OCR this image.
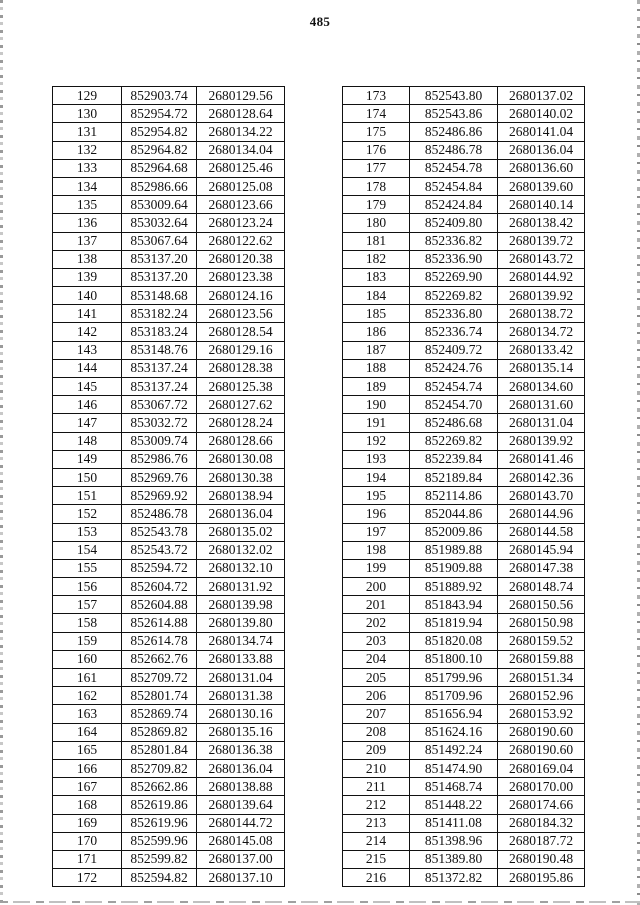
485
129	852903.74	2680129.56
130	852954.72	2680128.64
131	852954.82	2680134.22
132	852964.82	2680134.04
133	852964.68	2680125.46
134	852986.66	2680125.08
135	853009.64	2680123.66
136	853032.64	2680123.24
137	853067.64	2680122.62
138	853137.20	2680120.38
139	853137.20	2680123.38
140	853148.68	2680124.16
141	853182.24	2680123.56
142	853183.24	2680128.54
143	853148.76	2680129.16
144	853137.24	2680128.38
145	853137.24	2680125.38
146	853067.72	2680127.62
147	853032.72	2680128.24
148	853009.74	2680128.66
149	852986.76	2680130.08
150	852969.76	2680130.38
151	852969.92	2680138.94
152	852486.78	2680136.04
153	852543.78	2680135.02
154	852543.72	2680132.02
155	852594.72	2680132.10
156	852604.72	2680131.92
157	852604.88	2680139.98
158	852614.88	2680139.80
159	852614.78	2680134.74
160	852662.76	2680133.88
161	852709.72	2680131.04
162	852801.74	2680131.38
163	852869.74	2680130.16
164	852869.82	2680135.16
165	852801.84	2680136.38
166	852709.82	2680136.04
167	852662.86	2680138.88
168	852619.86	2680139.64
169	852619.96	2680144.72
170	852599.96	2680145.08
171	852599.82	2680137.00
172	852594.82	2680137.10
173	852543.80	2680137.02
174	852543.86	2680140.02
175	852486.86	2680141.04
176	852486.78	2680136.04
177	852454.78	2680136.60
178	852454.84	2680139.60
179	852424.84	2680140.14
180	852409.80	2680138.42
181	852336.82	2680139.72
182	852336.90	2680143.72
183	852269.90	2680144.92
184	852269.82	2680139.92
185	852336.80	2680138.72
186	852336.74	2680134.72
187	852409.72	2680133.42
188	852424.76	2680135.14
189	852454.74	2680134.60
190	852454.70	2680131.60
191	852486.68	2680131.04
192	852269.82	2680139.92
193	852239.84	2680141.46
194	852189.84	2680142.36
195	852114.86	2680143.70
196	852044.86	2680144.96
197	852009.86	2680144.58
198	851989.88	2680145.94
199	851909.88	2680147.38
200	851889.92	2680148.74
201	851843.94	2680150.56
202	851819.94	2680150.98
203	851820.08	2680159.52
204	851800.10	2680159.88
205	851799.96	2680151.34
206	851709.96	2680152.96
207	851656.94	2680153.92
208	851624.16	2680190.60
209	851492.24	2680190.60
210	851474.90	2680169.04
211	851468.74	2680170.00
212	851448.22	2680174.66
213	851411.08	2680184.32
214	851398.96	2680187.72
215	851389.80	2680190.48
216	851372.82	2680195.86
